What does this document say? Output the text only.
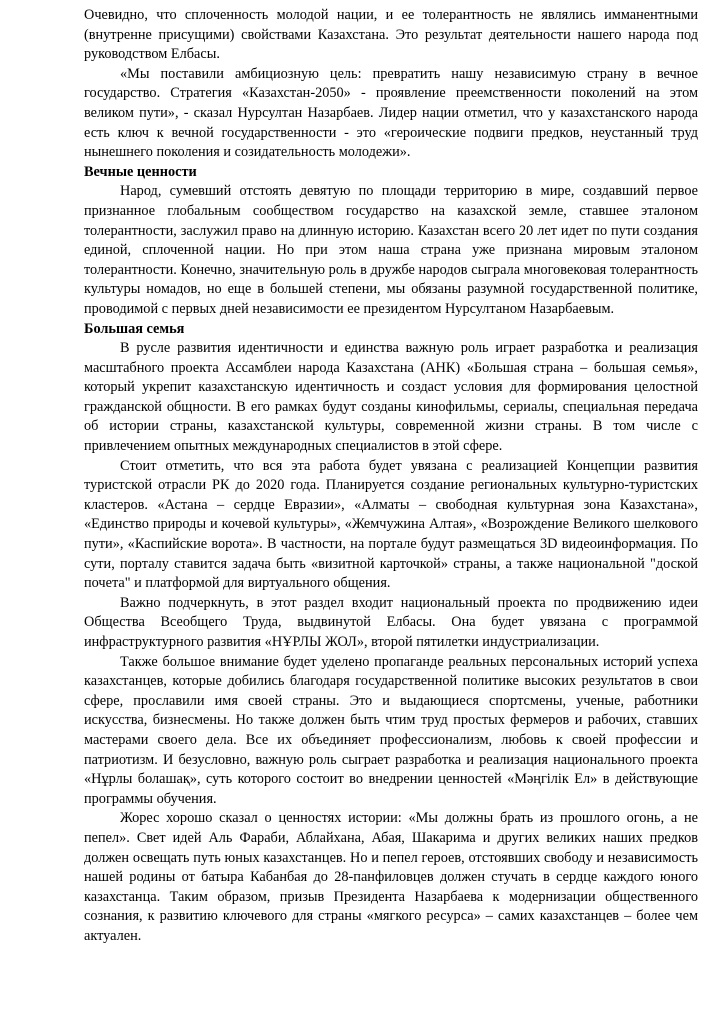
Очевидно, что сплоченность молодой нации, и ее толерантность не являлись имманентными (внутренне присущими) свойствами Казахстана. Это результат деятельности нашего народа под руководством Елбасы.

«Мы поставили амбициозную цель: превратить нашу независимую страну в вечное государство. Стратегия «Казахстан-2050» - проявление преемственности поколений на этом великом пути», - сказал Нурсултан Назарбаев. Лидер нации отметил, что у казахстанского народа есть ключ к вечной государственности - это «героические подвиги предков, неустанный труд нынешнего поколения и созидательность молодежи».

Вечные ценности

Народ, сумевший отстоять девятую по площади территорию в мире, создавший первое признанное глобальным сообществом государство на казахской земле, ставшее эталоном толерантности, заслужил право на длинную историю. Казахстан всего 20 лет идет по пути создания единой, сплоченной нации. Но при этом наша страна уже признана мировым эталоном толерантности. Конечно, значительную роль в дружбе народов сыграла многовековая толерантность культуры номадов, но еще в большей степени, мы обязаны разумной государственной политике, проводимой с первых дней независимости ее президентом Нурсултаном Назарбаевым.

Большая семья

В русле развития идентичности и единства важную роль играет разработка и реализация масштабного проекта Ассамблеи народа Казахстана (АНК) «Большая страна – большая семья», который укрепит казахстанскую идентичность и создаст условия для формирования целостной гражданской общности. В его рамках будут созданы кинофильмы, сериалы, специальная передача об истории страны, казахстанской культуры, современной жизни страны. В том числе с привлечением опытных международных специалистов в этой сфере.

Стоит отметить, что вся эта работа будет увязана с реализацией Концепции развития туристской отрасли РК до 2020 года. Планируется создание региональных культурно-туристских кластеров. «Астана – сердце Евразии», «Алматы – свободная культурная зона Казахстана», «Единство природы и кочевой культуры», «Жемчужина Алтая», «Возрождение Великого шелкового пути», «Каспийские ворота». В частности, на портале будут размещаться 3D видеоинформация. По сути, порталу ставится задача быть «визитной карточкой» страны, а также национальной "доской почета" и платформой для виртуального общения.

Важно подчеркнуть, в этот раздел входит национальный проекта по продвижению идеи Общества Всеобщего Труда, выдвинутой Елбасы. Она будет увязана с программой инфраструктурного развития «НҰРЛЫ ЖОЛ», второй пятилетки индустриализации.

Также большое внимание будет уделено пропаганде реальных персональных историй успеха казахстанцев, которые добились благодаря государственной политике высоких результатов в свои сфере, прославили имя своей страны. Это и выдающиеся спортсмены, ученые, работники искусства, бизнесмены. Но также должен быть чтим труд простых фермеров и рабочих, ставших мастерами своего дела. Все их объединяет профессионализм, любовь к своей профессии и патриотизм. И безусловно, важную роль сыграет разработка и реализация национального проекта «Нұрлы болашақ», суть которого состоит во внедрении ценностей «Мәңгілік Ел» в действующие программы обучения.

Жорес хорошо сказал о ценностях истории: «Мы должны брать из прошлого огонь, а не пепел». Свет идей Аль Фараби, Аблайхана, Абая, Шакарима и других великих наших предков должен освещать путь юных казахстанцев. Но и пепел героев, отстоявших свободу и независимость нашей родины от батыра Кабанбая до 28-панфиловцев должен стучать в сердце каждого юного казахстанца. Таким образом, призыв Президента Назарбаева к модернизации общественного сознания, к развитию ключевого для страны «мягкого ресурса» – самих казахстанцев – более чем актуален.
